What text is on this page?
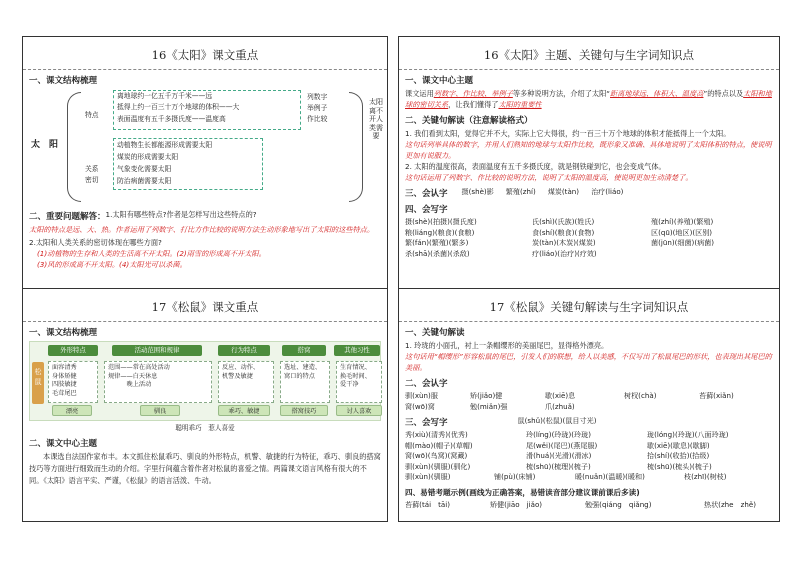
16《太阳》课文重点
一、课文结构梳理
太　阳
特点
关系密切
离地球约一亿五千万千米——远
抵得上约一百三十万个地球的体积——大
表面温度有五千多摄氏度——温度高
列数字
举例子
作比较
动植物生长都能源形成需要太阳
煤炭的形成需要太阳
气象变化需要太阳
防治病菌需要太阳
太阳离不开人类需要
二、重要问题解答： 1.太阳有哪些特点?作者是怎样写出这些特点的?
太阳的特点是远、大、热。作者运用了列数字、打比方作比较的说明方法生动形象地写出了太阳的这些特点。
2.太阳和人类关系的密切体现在哪些方面?
(1)动植物的生存和人类的生活离不开太阳。(2)雨雪的形成离不开太阳。
(3)风的形成离不开太阳。(4)太阳光可以杀菌。
16《太阳》主题、关键句与生字词知识点
一、课文中心主题
课文运用列数字、作比较、举例子等多种说明方法，介绍了太阳“距离地球远、体积大、温度高”的特点以及太阳和地球的密切关系，让我们懂得了太阳的重要性
二、关键句解读（注意解读格式）
1. 我们看到太阳，觉得它并不大，实际上它大得很，约一百三十万个地球的体积才能抵得上一个太阳。
这句话列举具体的数字，并用人们熟知的地球与太阳作比较，既形象又准确、具体地说明了太阳体积的特点，使说明更加有说服力。
2. 太阳的温度很高，表面温度有五千多摄氏度，就是钢铁碰到它，也会变成气体。
这句话运用了列数字、作比较的说明方法，说明了太阳的温度高，使说明更加生动清楚了。
三、会认字 摄(shè)影 繁殖(zhí) 煤炭(tàn) 治疗(liáo)
四、会写字
摄(shè)(拍摄)(摄氏度)	氏(shì)(氏族)(姓氏)	殖(zhí)(养殖)(繁殖)
粮(liáng)(粮食)(食粮)	食(shí)(粮食)(食物)	区(qū)(地区)(区别)
繁(fán)(繁殖)(繁多)	炭(tàn)(木炭)(煤炭)	菌(jūn)(细菌)(病菌)
杀(shā)(杀菌)(杀敌)	疗(liáo)(治疗)(疗效)
17《松鼠》课文重点
一、课文结构梳理
松鼠
外形特点	活动范围和规律	行为特点	搭窝	其他习性
面容清秀
身体矫健
四肢敏捷
毛茸尾巴
范围——常在高处活动
规律——白天休息
　　　晚上活动
反应、动作、
机警及敏捷
选址、建造、
窝口的特点
生育情况、
换毛时间、
爱干净
漂亮	驯良	乖巧、敏捷	搭窝技巧	讨人喜欢
聪明乖巧　惹人喜爱
二、课文中心主题
本课选自法国作家布丰。本文抓住松鼠乖巧、驯良的外形特点，机警、敏捷的行为特征，乖巧、驯良的搭窝技巧等方面进行细致而生动的介绍。字里行间蕴含着作者对松鼠的喜爱之情。两篇课文语言风格有很大的不同。《太阳》语言平实、严谨，《松鼠》的语言活泼、牛动。
17《松鼠》关键句解读与生字词知识点
一、关键句解读
1. 玲珑的小面孔，衬上一条帽缨形的美丽尾巴，显得格外漂亮。
这句话用“帽缨形”形容松鼠的尾巴，引发人们的联想，给人以美感，不仅写出了松鼠尾巴的形状，也表现出其尾巴的美丽。
二、会认字
驯(xùn)服	矫(jiǎo)健	歇(xiē)息	树杈(chà)	苔藓(xiǎn)
窝(wō)窝	勉(miǎn)强	爪(zhuǎ)
三、会写字	鼠(shǔ)(松鼠)(鼠目寸光)
秀(xiù)(清秀)(优秀)	玲(líng)(玲珑)(玲珑)	珑(lóng)(玲珑)(八面玲珑)
帽(mào)(帽子)(草帽)	尾(wěi)(尾巴)(燕尾服)	歇(xiē)(歇息)(歇脚)
窝(wō)(鸟窝)(窝藏)	滑(huá)(光滑)(滑冰)	拾(shí)(收拾)(拾级)
驯(xùn)(驯服)(驯化)	梳(shū)(梳理)(梳子)	梳(shū)(梳头)(梳子)
驯(xùn)(驯服)	铺(pù)(床铺)	暖(nuǎn)(温暖)(暖和)	枝(zhī)(树枝)
四、易错考题示例(画线为正确答案，易错读音部分建议课前课后多读)
苔藓(tái　tāi)	矫健(jiāo　jiǎo)	勉强(qiáng　qiǎng)	热状(zhe　zhě)
